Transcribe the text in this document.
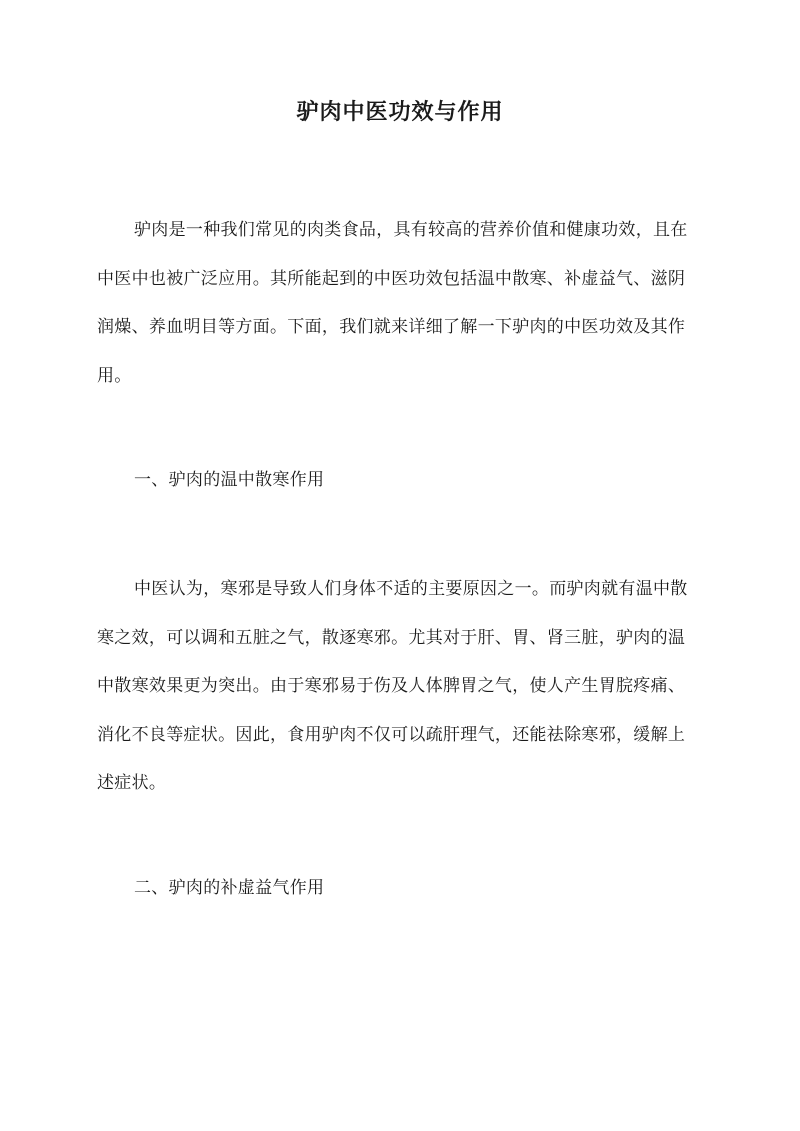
驴肉中医功效与作用

驴肉是一种我们常见的肉类食品，具有较高的营养价值和健康功效，且在中医中也被广泛应用。其所能起到的中医功效包括温中散寒、补虚益气、滋阴润燥、养血明目等方面。下面，我们就来详细了解一下驴肉的中医功效及其作用。

一、驴肉的温中散寒作用

中医认为，寒邪是导致人们身体不适的主要原因之一。而驴肉就有温中散寒之效，可以调和五脏之气，散逐寒邪。尤其对于肝、胃、肾三脏，驴肉的温中散寒效果更为突出。由于寒邪易于伤及人体脾胃之气，使人产生胃脘疼痛、消化不良等症状。因此，食用驴肉不仅可以疏肝理气，还能祛除寒邪，缓解上述症状。

二、驴肉的补虚益气作用
